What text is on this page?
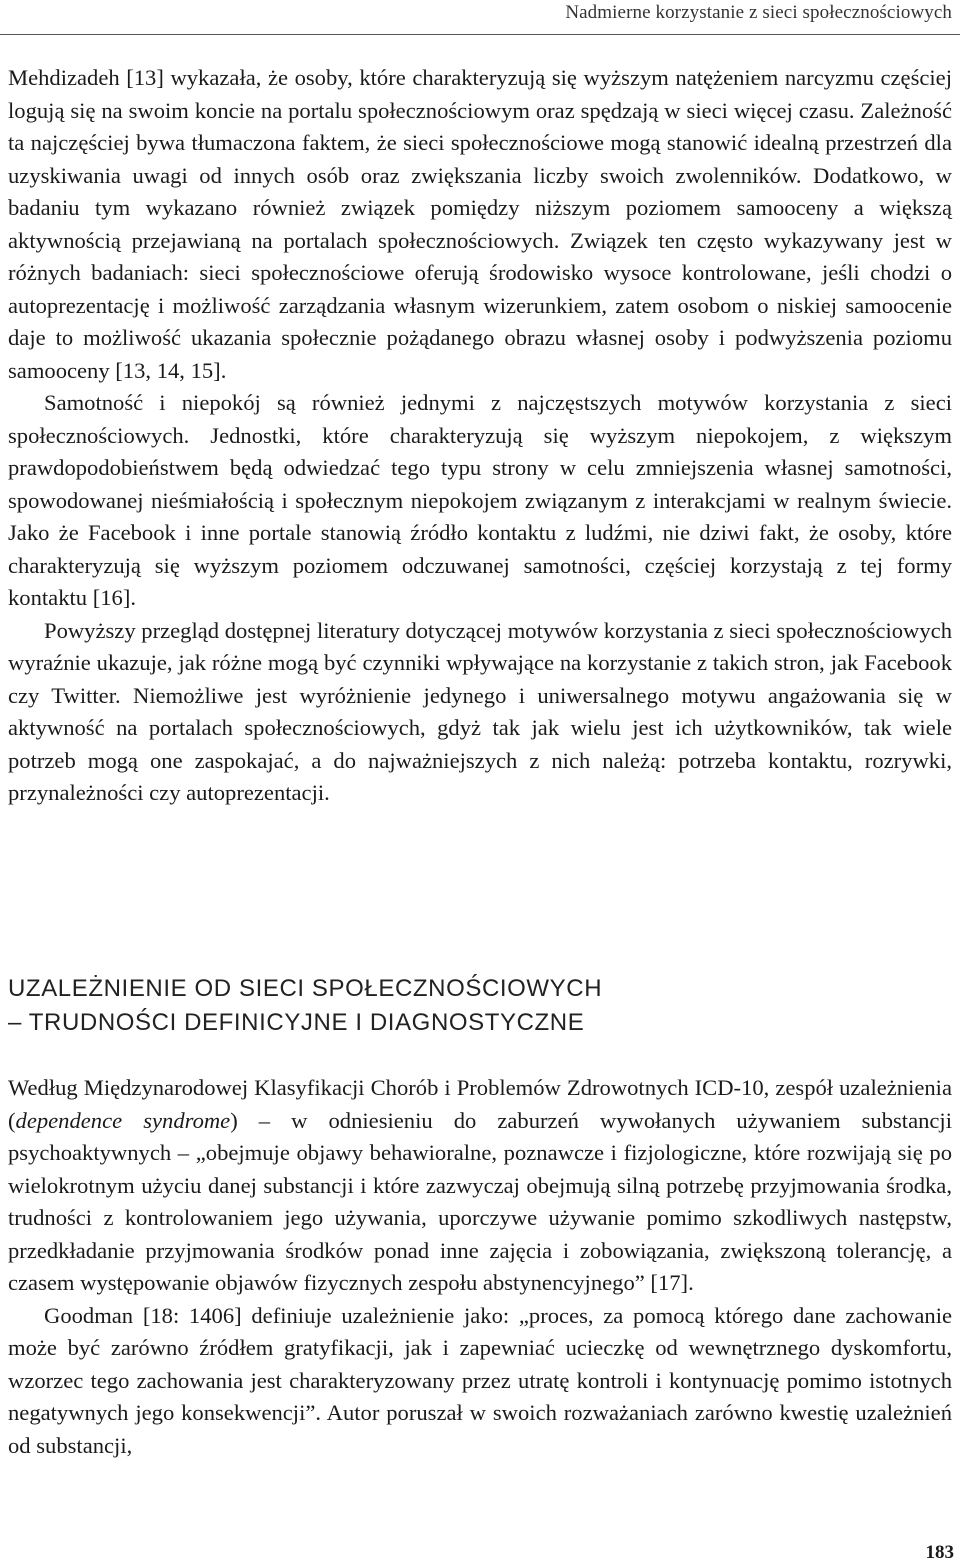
Nadmierne korzystanie z sieci społecznościowych

Mehdizadeh [13] wykazała, że osoby, które charakteryzują się wyższym natężeniem narcyzmu częściej logują się na swoim koncie na portalu społecznościowym oraz spędzają w sieci więcej czasu. Zależność ta najczęściej bywa tłumaczona faktem, że sieci społecznościowe mogą stanowić idealną przestrzeń dla uzyskiwania uwagi od innych osób oraz zwiększania liczby swoich zwolenników. Dodatkowo, w badaniu tym wykazano również związek pomiędzy niższym poziomem samooceny a większą aktywnością przejawianą na portalach społecznościowych. Związek ten często wykazywany jest w różnych badaniach: sieci społecznościowe oferują środowisko wysoce kontrolowane, jeśli chodzi o autoprezentację i możliwość zarządzania własnym wizerunkiem, zatem osobom o niskiej samoocenie daje to możliwość ukazania społecznie pożądanego obrazu własnej osoby i podwyższenia poziomu samooceny [13, 14, 15].

Samotność i niepokój są również jednymi z najczęstszych motywów korzystania z sieci społecznościowych. Jednostki, które charakteryzują się wyższym niepokojem, z większym prawdopodobieństwem będą odwiedzać tego typu strony w celu zmniejszenia własnej samotności, spowodowanej nieśmiałością i społecznym niepokojem związanym z interakcjami w realnym świecie. Jako że Facebook i inne portale stanowią źródło kontaktu z ludźmi, nie dziwi fakt, że osoby, które charakteryzują się wyższym poziomem odczuwanej samotności, częściej korzystają z tej formy kontaktu [16].

Powyższy przegląd dostępnej literatury dotyczącej motywów korzystania z sieci społecznościowych wyraźnie ukazuje, jak różne mogą być czynniki wpływające na korzystanie z takich stron, jak Facebook czy Twitter. Niemożliwe jest wyróżnienie jedynego i uniwersalnego motywu angażowania się w aktywność na portalach społecznościowych, gdyż tak jak wielu jest ich użytkowników, tak wiele potrzeb mogą one zaspokajać, a do najważniejszych z nich należą: potrzeba kontaktu, rozrywki, przynależności czy autoprezentacji.

UZALEŻNIENIE OD SIECI SPOŁECZNOŚCIOWYCH
– TRUDNOŚCI DEFINICYJNE I DIAGNOSTYCZNE

Według Międzynarodowej Klasyfikacji Chorób i Problemów Zdrowotnych ICD-10, zespół uzależnienia (dependence syndrome) – w odniesieniu do zaburzeń wywołanych używaniem substancji psychoaktywnych – „obejmuje objawy behawioralne, poznawcze i fizjologiczne, które rozwijają się po wielokrotnym użyciu danej substancji i które zazwyczaj obejmują silną potrzebę przyjmowania środka, trudności z kontrolowaniem jego używania, uporczywe używanie pomimo szkodliwych następstw, przedkładanie przyjmowania środków ponad inne zajęcia i zobowiązania, zwiększoną tolerancję, a czasem występowanie objawów fizycznych zespołu abstynencyjnego” [17].

Goodman [18: 1406] definiuje uzależnienie jako: „proces, za pomocą którego dane zachowanie może być zarówno źródłem gratyfikacji, jak i zapewniać ucieczkę od wewnętrznego dyskomfortu, wzorzec tego zachowania jest charakteryzowany przez utratę kontroli i kontynuację pomimo istotnych negatywnych jego konsekwencji”. Autor poruszał w swoich rozważaniach zarówno kwestię uzależnień od substancji,

183
